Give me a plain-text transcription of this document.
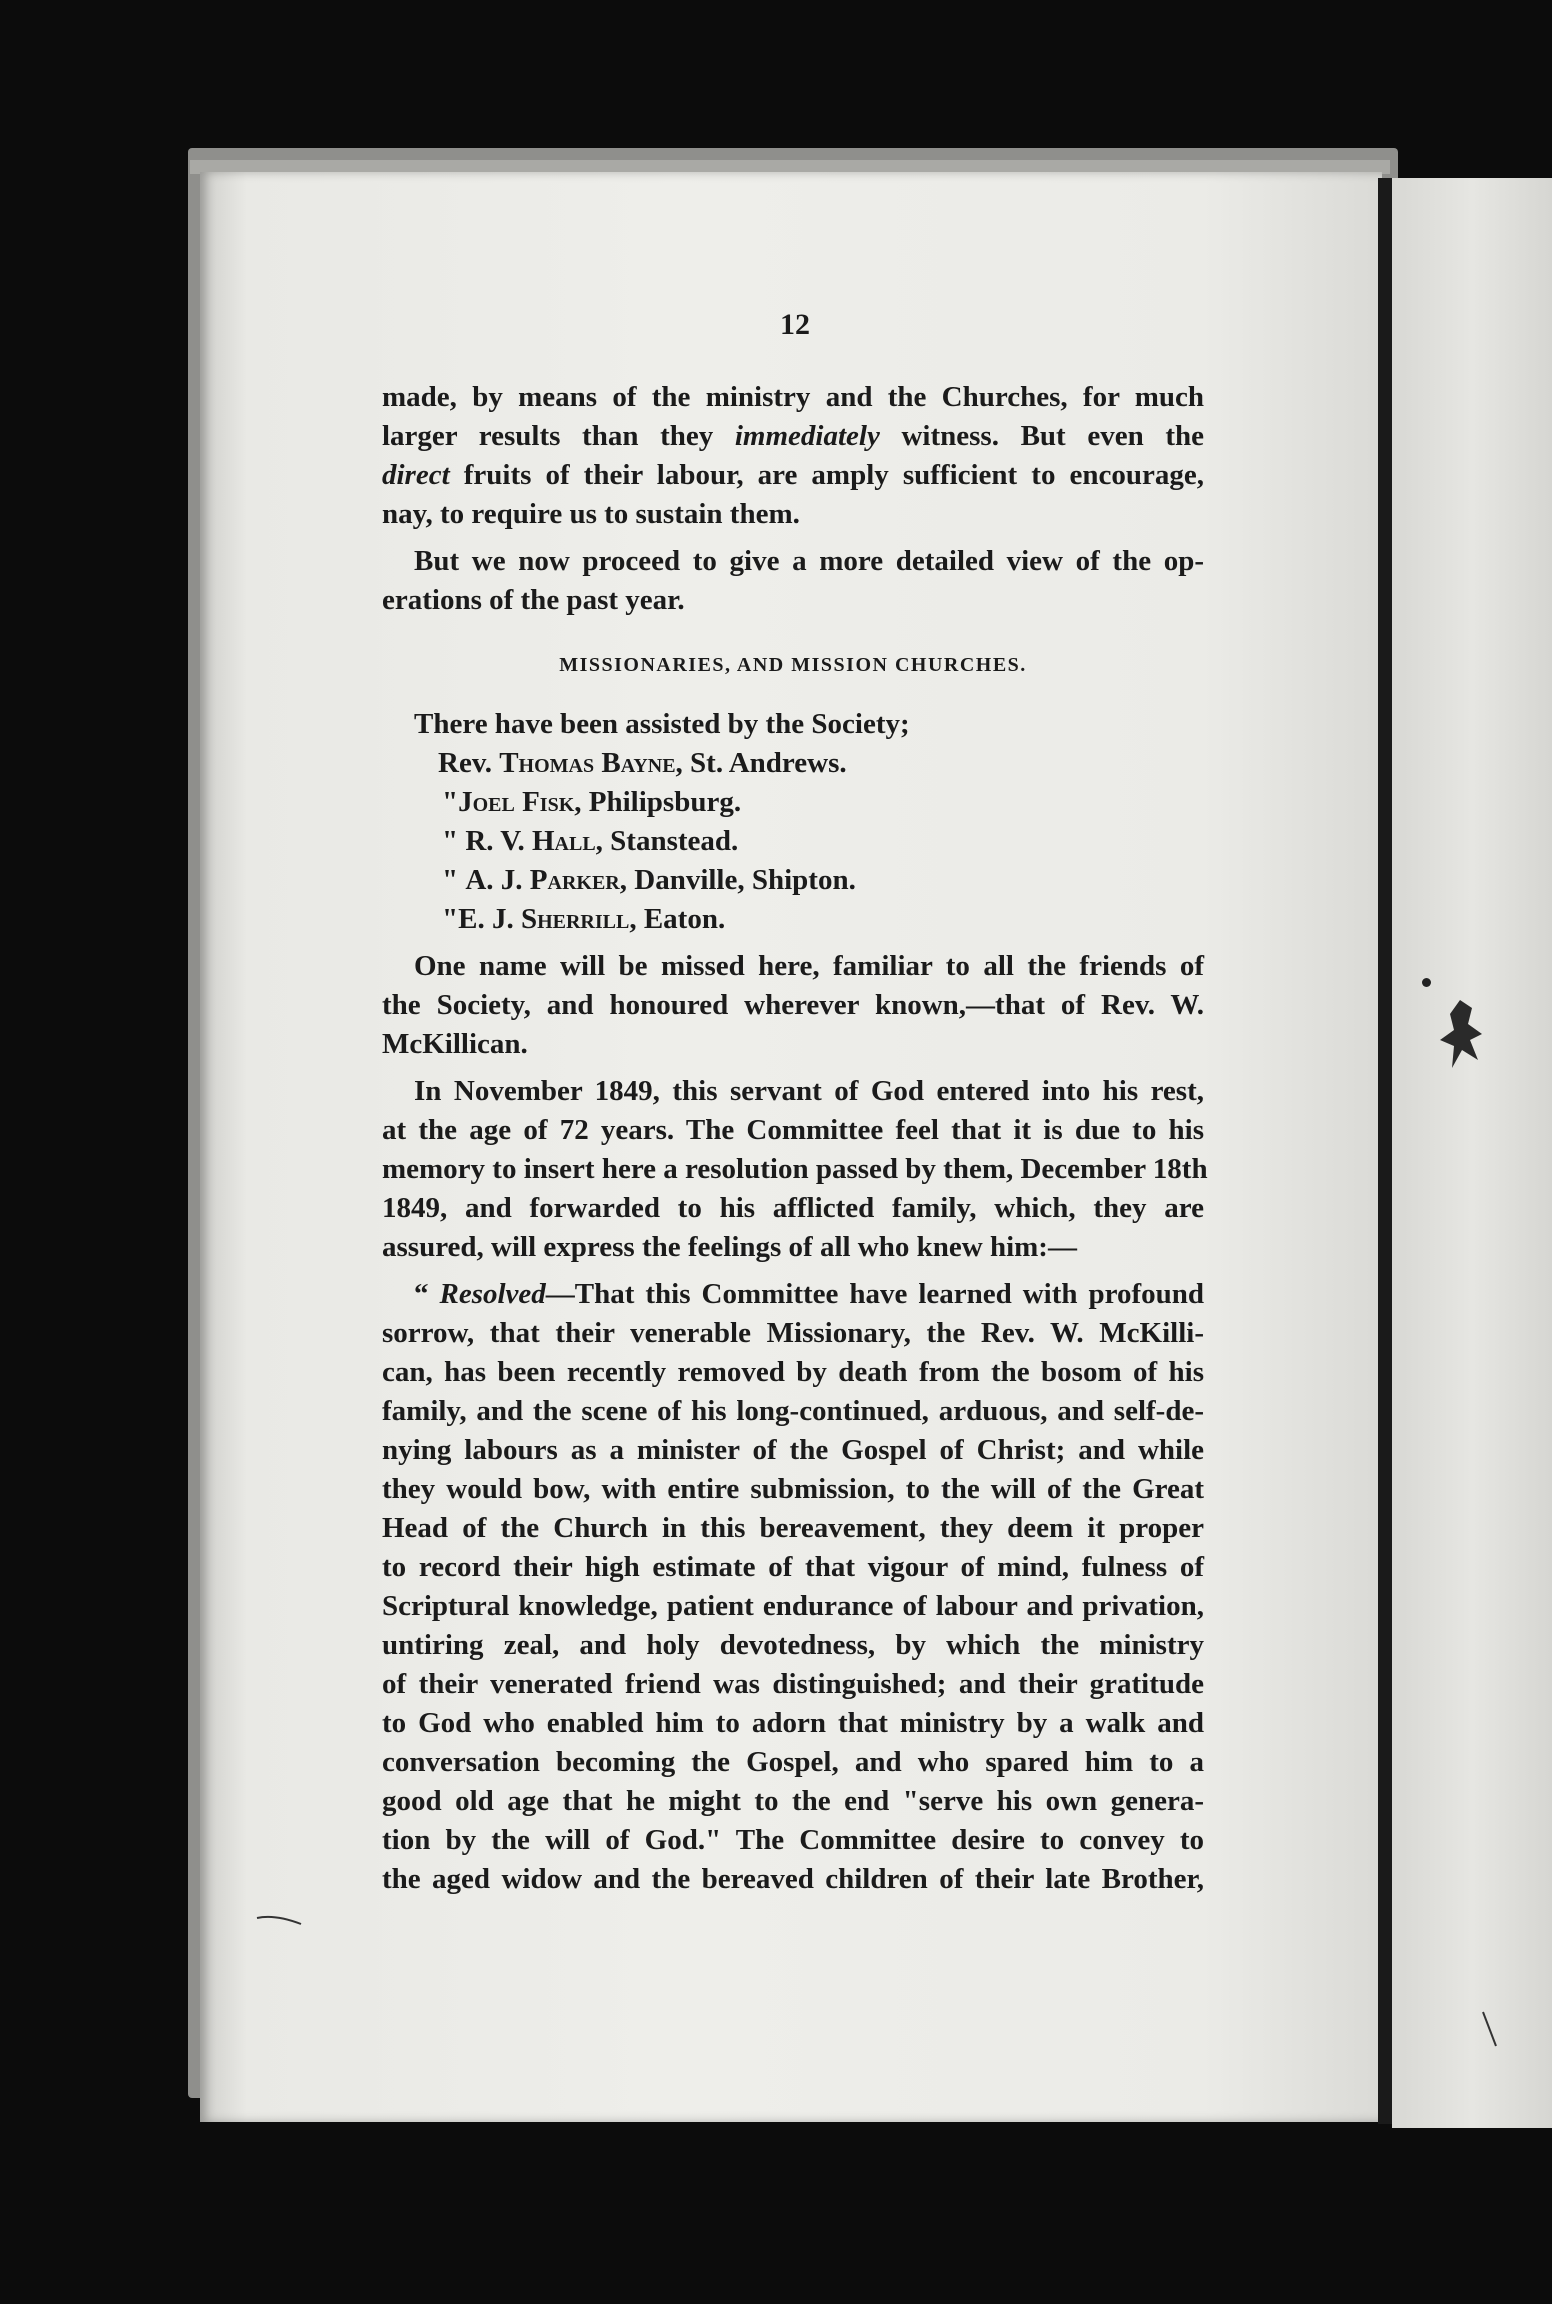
12
made, by means of the ministry and the Churches, for much
larger results than they immediately witness. But even the
direct fruits of their labour, are amply sufficient to encourage,
nay, to require us to sustain them.
But we now proceed to give a more detailed view of the op-
erations of the past year.
MISSIONARIES, AND MISSION CHURCHES.
There have been assisted by the Society;
Rev. Thomas Bayne, St. Andrews.
"Joel Fisk, Philipsburg.
" R. V. Hall, Stanstead.
" A. J. Parker, Danville, Shipton.
"E. J. Sherrill, Eaton.
One name will be missed here, familiar to all the friends of
the Society, and honoured wherever known,—that of Rev. W.
McKillican.
In November 1849, this servant of God entered into his rest,
at the age of 72 years. The Committee feel that it is due to his
memory to insert here a resolution passed by them, December 18th
1849, and forwarded to his afflicted family, which, they are
assured, will express the feelings of all who knew him:—
“ Resolved—That this Committee have learned with profound
sorrow, that their venerable Missionary, the Rev. W. McKilli-
can, has been recently removed by death from the bosom of his
family, and the scene of his long-continued, arduous, and self-de-
nying labours as a minister of the Gospel of Christ; and while
they would bow, with entire submission, to the will of the Great
Head of the Church in this bereavement, they deem it proper
to record their high estimate of that vigour of mind, fulness of
Scriptural knowledge, patient endurance of labour and privation,
untiring zeal, and holy devotedness, by which the ministry
of their venerated friend was distinguished; and their gratitude
to God who enabled him to adorn that ministry by a walk and
conversation becoming the Gospel, and who spared him to a
good old age that he might to the end "serve his own genera-
tion by the will of God." The Committee desire to convey to
the aged widow and the bereaved children of their late Brother,
